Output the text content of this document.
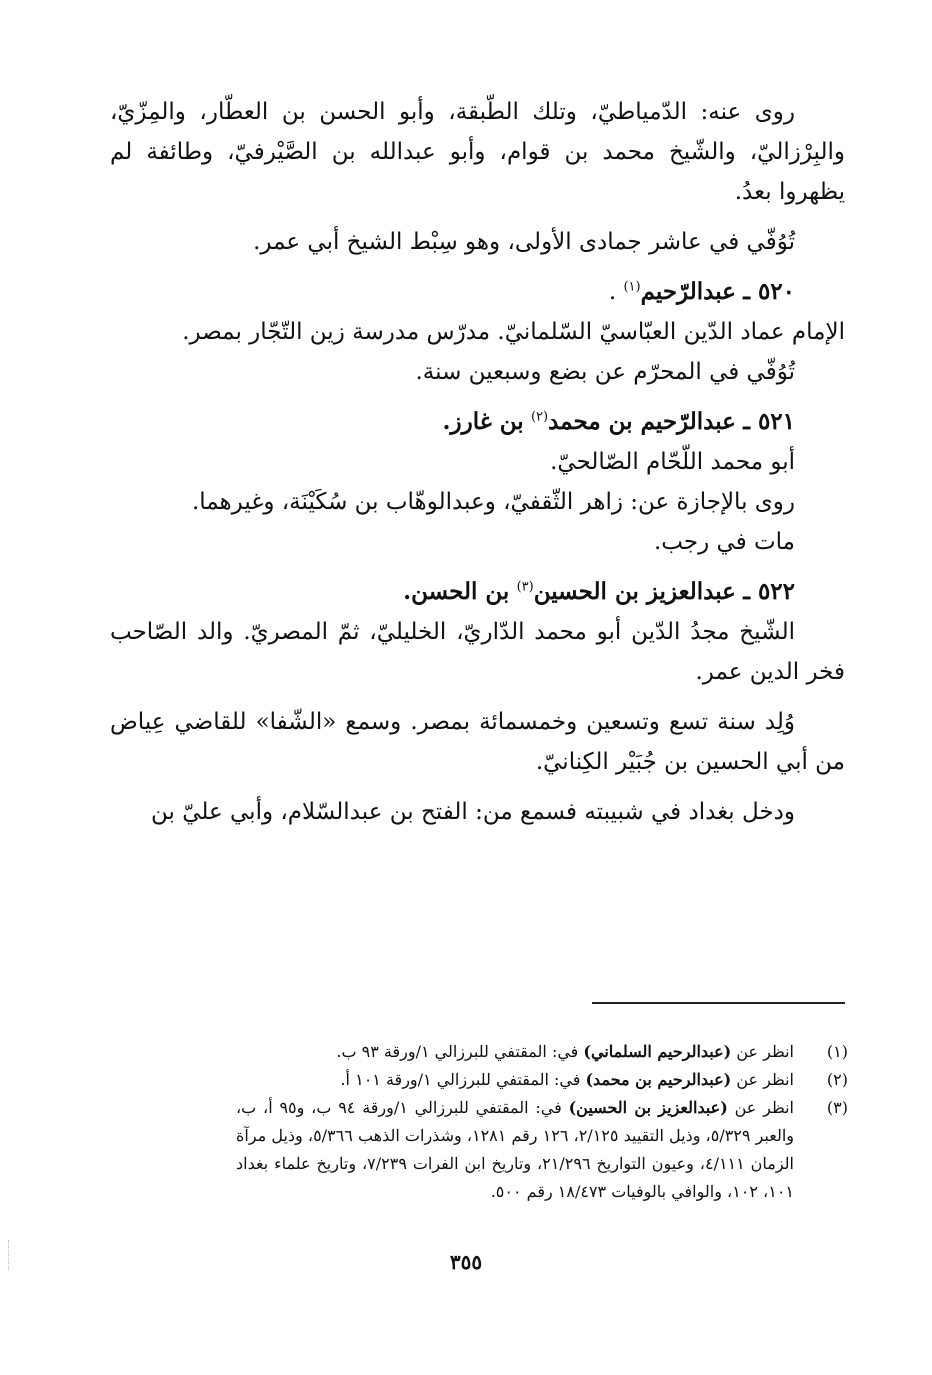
روى عنه: الدّمياطيّ، وتلك الطّبقة، وأبو الحسن بن العطّار، والمِزّيّ، والبِرْزاليّ، والشّيخ محمد بن قوام، وأبو عبدالله بن الصَّيْرفيّ، وطائفة لم يظهروا بعدُ.

تُوُفّي في عاشر جمادى الأولى، وهو سِبْط الشيخ أبي عمر.

٥٢٠ ـ عبدالرّحيم$^{(١)}$ .

الإمام عماد الدّين العبّاسيّ السّلمانيّ. مدرّس مدرسة زين التّجّار بمصر.

تُوُفّي في المحرّم عن بضع وسبعين سنة.

٥٢١ ـ عبدالرّحيم بن محمد$^{(٢)}$ بن غارز.

أبو محمد اللّحّام الصّالحيّ.

روى بالإجازة عن: زاهر الثّقفيّ، وعبدالوهّاب بن سُكَيْنَة، وغيرهما.

مات في رجب.

٥٢٢ ـ عبدالعزيز بن الحسين$^{(٣)}$ بن الحسن.

الشّيخ مجدُ الدّين أبو محمد الدّاريّ، الخليليّ، ثمّ المصريّ. والد الصّاحب فخر الدين عمر.

وُلِد سنة تسع وتسعين وخمسمائة بمصر. وسمع «الشّفا» للقاضي عِياض من أبي الحسين بن جُبَيْر الكِنانيّ.

ودخل بغداد في شبيبته فسمع من: الفتح بن عبدالسّلام، وأبي عليّ بن

(١)
انظر عن (عبدالرحيم السلماني) في: المقتفي للبرزالي ١/ورقة ٩٣ ب.
(٢)
انظر عن (عبدالرحيم بن محمد) في: المقتفي للبرزالي ١/ورقة ١٠١ أ.
(٣)
انظر عن (عبدالعزيز بن الحسين) في: المقتفي للبرزالي ١/ورقة ٩٤ ب، و٩٥ أ، ب، والعبر ٥/٣٢٩، وذيل التقييد ٢/١٢٥، ١٢٦ رقم ١٢٨١، وشذرات الذهب ٥/٣٦٦، وذيل مرآة الزمان ٤/١١١، وعيون التواريخ ٢١/٢٩٦، وتاريخ ابن الفرات ٧/٢٣٩، وتاريخ علماء بغداد ١٠١، ١٠٢، والوافي بالوفيات ١٨/٤٧٣ رقم ٥٠٠.
٣٥٥
